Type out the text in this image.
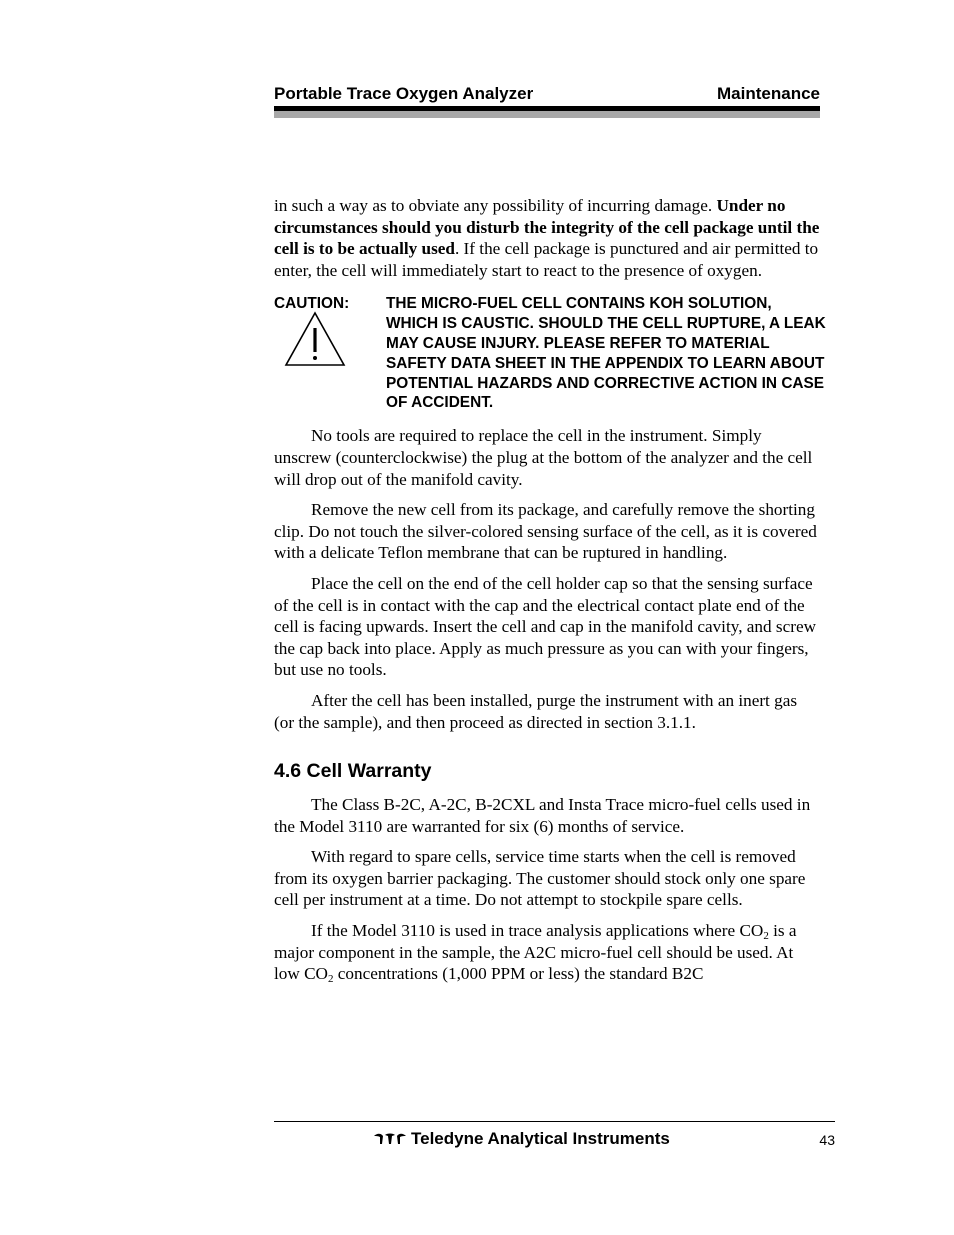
Portable Trace Oxygen Analyzer	Maintenance

in such a way as to obviate any possibility of incurring damage. Under no circumstances should you disturb the integrity of the cell package until the cell is to be actually used. If the cell package is punctured and air permitted to enter, the cell will immediately start to react to the presence of oxygen.

CAUTION: THE MICRO-FUEL CELL CONTAINS KOH SOLUTION, WHICH IS CAUSTIC. SHOULD THE CELL RUPTURE, A LEAK MAY CAUSE INJURY. PLEASE REFER TO MATERIAL SAFETY DATA SHEET IN THE APPENDIX TO LEARN ABOUT POTENTIAL HAZARDS AND CORRECTIVE ACTION IN CASE OF ACCIDENT.

No tools are required to replace the cell in the instrument. Simply unscrew (counterclockwise) the plug at the bottom of the analyzer and the cell will drop out of the manifold cavity.

Remove the new cell from its package, and carefully remove the shorting clip. Do not touch the silver-colored sensing surface of the cell, as it is covered with a delicate Teflon membrane that can be ruptured in handling.

Place the cell on the end of the cell holder cap so that the sensing surface of the cell is in contact with the cap and the electrical contact plate end of the cell is facing upwards. Insert the cell and cap in the manifold cavity, and screw the cap back into place. Apply as much pressure as you can with your fingers, but use no tools.

After the cell has been installed, purge the instrument with an inert gas (or the sample), and then proceed as directed in section 3.1.1.

4.6 Cell Warranty

The Class B-2C, A-2C, B-2CXL and Insta Trace micro-fuel cells used in the Model 3110 are warranted for six (6) months of service.

With regard to spare cells, service time starts when the cell is removed from its oxygen barrier packaging. The customer should stock only one spare cell per instrument at a time. Do not attempt to stockpile spare cells.

If the Model 3110 is used in trace analysis applications where $CO_2$ is a major component in the sample, the A2C micro-fuel cell should be used. At low $CO_2$ concentrations (1,000 PPM or less) the standard B2C

Teledyne Analytical Instruments	43
